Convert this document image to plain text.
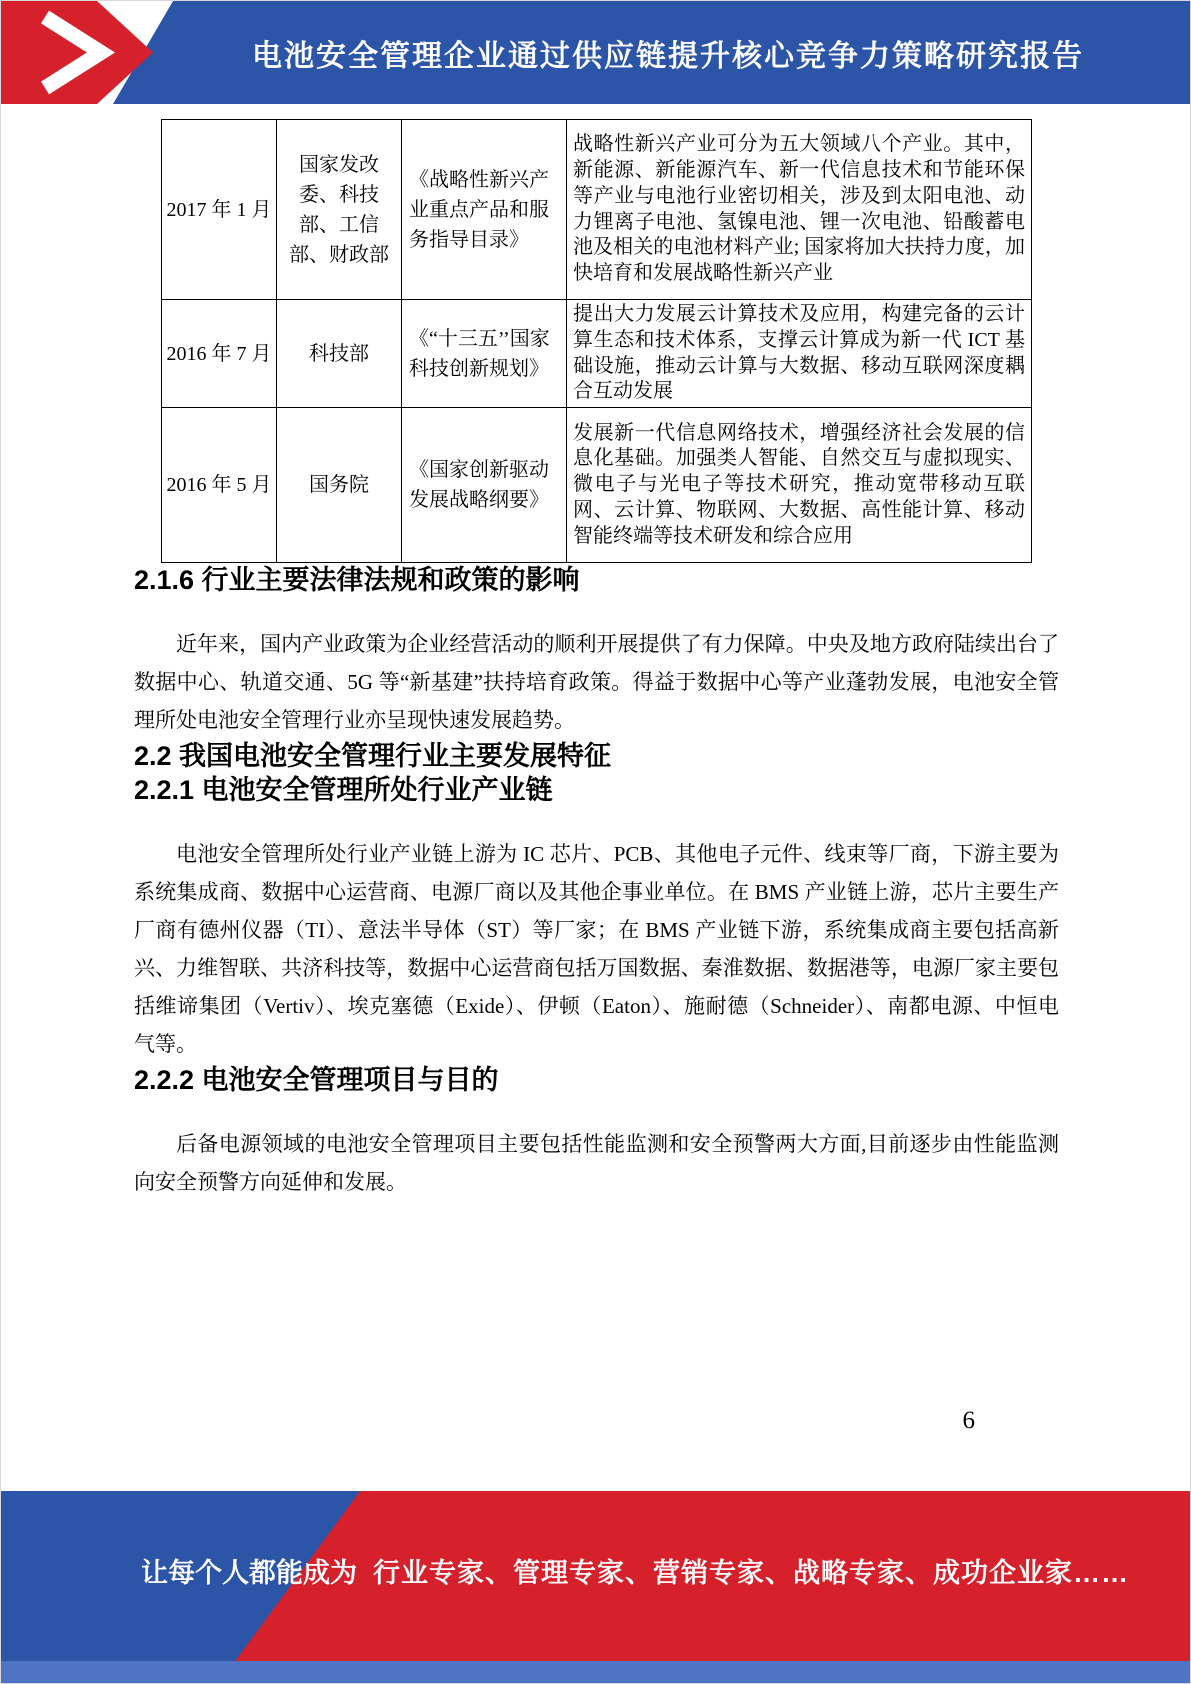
电池安全管理企业通过供应链提升核心竞争力策略研究报告
2017 年 1 月	国家发改委、科技部、工信部、财政部	《战略性新兴产业重点产品和服务指导目录》	战略性新兴产业可分为五大领域八个产业。其中，新能源、新能源汽车、新一代信息技术和节能环保等产业与电池行业密切相关，涉及到太阳电池、动力锂离子电池、氢镍电池、锂一次电池、铅酸蓄电池及相关的电池材料产业; 国家将加大扶持力度，加快培育和发展战略性新兴产业
2016 年 7 月	科技部	《“十三五’’国家科技创新规划》	提出大力发展云计算技术及应用，构建完备的云计算生态和技术体系，支撑云计算成为新一代 ICT 基础设施，推动云计算与大数据、移动互联网深度耦合互动发展
2016 年 5 月	国务院	《国家创新驱动发展战略纲要》	发展新一代信息网络技术，增强经济社会发展的信息化基础。加强类人智能、自然交互与虚拟现实、微电子与光电子等技术研究，推动宽带移动互联网、云计算、物联网、大数据、高性能计算、移动智能终端等技术研发和综合应用
2.1.6 行业主要法律法规和政策的影响

近年来，国内产业政策为企业经营活动的顺利开展提供了有力保障。中央及地方政府陆续出台了数据中心、轨道交通、5G 等“新基建”扶持培育政策。得益于数据中心等产业蓬勃发展，电池安全管理所处电池安全管理行业亦呈现快速发展趋势。

2.2 我国电池安全管理行业主要发展特征
2.2.1 电池安全管理所处行业产业链

电池安全管理所处行业产业链上游为 IC 芯片、PCB、其他电子元件、线束等厂商，下游主要为系统集成商、数据中心运营商、电源厂商以及其他企事业单位。在 BMS 产业链上游，芯片主要生产厂商有德州仪器（TI）、意法半导体（ST）等厂家；在 BMS 产业链下游，系统集成商主要包括高新兴、力维智联、共济科技等，数据中心运营商包括万国数据、秦淮数据、数据港等，电源厂家主要包括维谛集团（Vertiv）、埃克塞德（Exide）、伊顿（Eaton）、施耐德（Schneider）、南都电源、中恒电气等。

2.2.2 电池安全管理项目与目的

后备电源领域的电池安全管理项目主要包括性能监测和安全预警两大方面,目前逐步由性能监测向安全预警方向延伸和发展。

6
让每个人都能成为 行业专家、管理专家、营销专家、战略专家、成功企业家……
